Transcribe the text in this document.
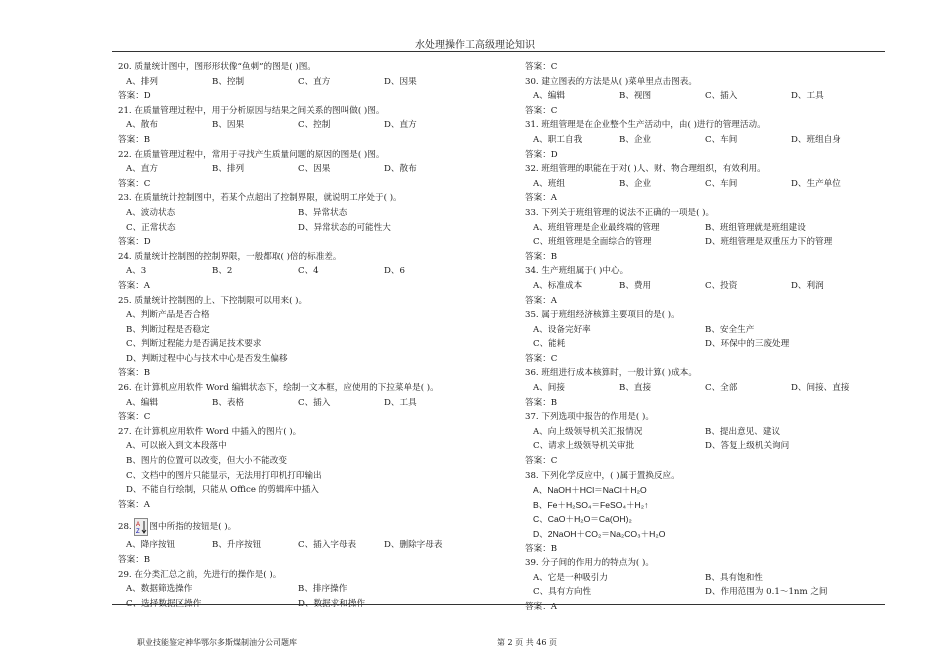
水处理操作工高级理论知识
20. 质量统计图中，图形形状像“鱼刺”的图是( )图。
A、排列	B、控制	C、直方	D、因果
答案：D
21. 在质量管理过程中，用于分析原因与结果之间关系的图叫做( )图。
A、散布	B、因果	C、控制	D、直方
答案：B
22. 在质量管理过程中，常用于寻找产生质量问题的原因的图是( )图。
A、直方	B、排列	C、因果	D、散布
答案：C
23. 在质量统计控制图中，若某个点超出了控制界限，就说明工序处于( )。
A、波动状态	B、异常状态
C、正常状态	D、异常状态的可能性大
答案：D
24. 质量统计控制图的控制界限，一般都取( )倍的标准差。
A、3	B、2	C、4	D、6
答案：A
25. 质量统计控制图的上、下控制限可以用来( )。
A、判断产品是否合格
B、判断过程是否稳定
C、判断过程能力是否满足技术要求
D、判断过程中心与技术中心是否发生偏移
答案：B
26. 在计算机应用软件 Word 编辑状态下，绘制一文本框，应使用的下拉菜单是( )。
A、编辑	B、表格	C、插入	D、工具
答案：C
27. 在计算机应用软件 Word 中插入的图片( )。
A、可以嵌入到文本段落中
B、图片的位置可以改变，但大小不能改变
C、文档中的图片只能显示，无法用打印机打印输出
D、不能自行绘制，只能从 Office 的剪辑库中插入
答案：A
28. A
Z 图中所指的按钮是( )。
A、降序按钮	B、升序按钮	C、插入字母表	D、删除字母表
答案：B
29. 在分类汇总之前，先进行的操作是( )。
A、数据筛选操作	B、排序操作
C、选择数据区操作	D、数据求和操作
答案：C
30. 建立图表的方法是从( )菜单里点击图表。
A、编辑	B、视图	C、插入	D、工具
答案：C
31. 班组管理是在企业整个生产活动中，由( )进行的管理活动。
A、职工自我	B、企业	C、车间	D、班组自身
答案：D
32. 班组管理的职能在于对( )人、财、物合理组织，有效利用。
A、班组	B、企业	C、车间	D、生产单位
答案：A
33. 下列关于班组管理的说法不正确的一项是( )。
A、班组管理是企业最终端的管理	B、班组管理就是班组建设
C、班组管理是全面综合的管理	D、班组管理是双重压力下的管理
答案：B
34. 生产班组属于( )中心。
A、标准成本	B、费用	C、投资	D、利润
答案：A
35. 属于班组经济核算主要项目的是( )。
A、设备完好率	B、安全生产
C、能耗	D、环保中的三废处理
答案：C
36. 班组进行成本核算时，一般计算( )成本。
A、间接	B、直接	C、全部	D、间接、直接
答案：B
37. 下列选项中报告的作用是( )。
A、向上级领导机关汇报情况	B、提出意见、建议
C、请求上级领导机关审批	D、答复上级机关询问
答案：C
38. 下列化学反应中，( )属于置换反应。
A、NaOH＋HCl＝NaCl＋H₂O
B、Fe＋H₂SO₄＝FeSO₄＋H₂↑
C、CaO＋H₂O＝Ca(OH)₂
D、2NaOH＋CO₂＝Na₂CO₃＋H₂O
答案：B
39. 分子间的作用力的特点为( )。
A、它是一种吸引力	B、具有饱和性
C、具有方向性	D、作用范围为 0.1～1nm 之间
答案：A
职业技能鉴定神华鄂尔多斯煤制油分公司题库	第 2 页 共 46 页
